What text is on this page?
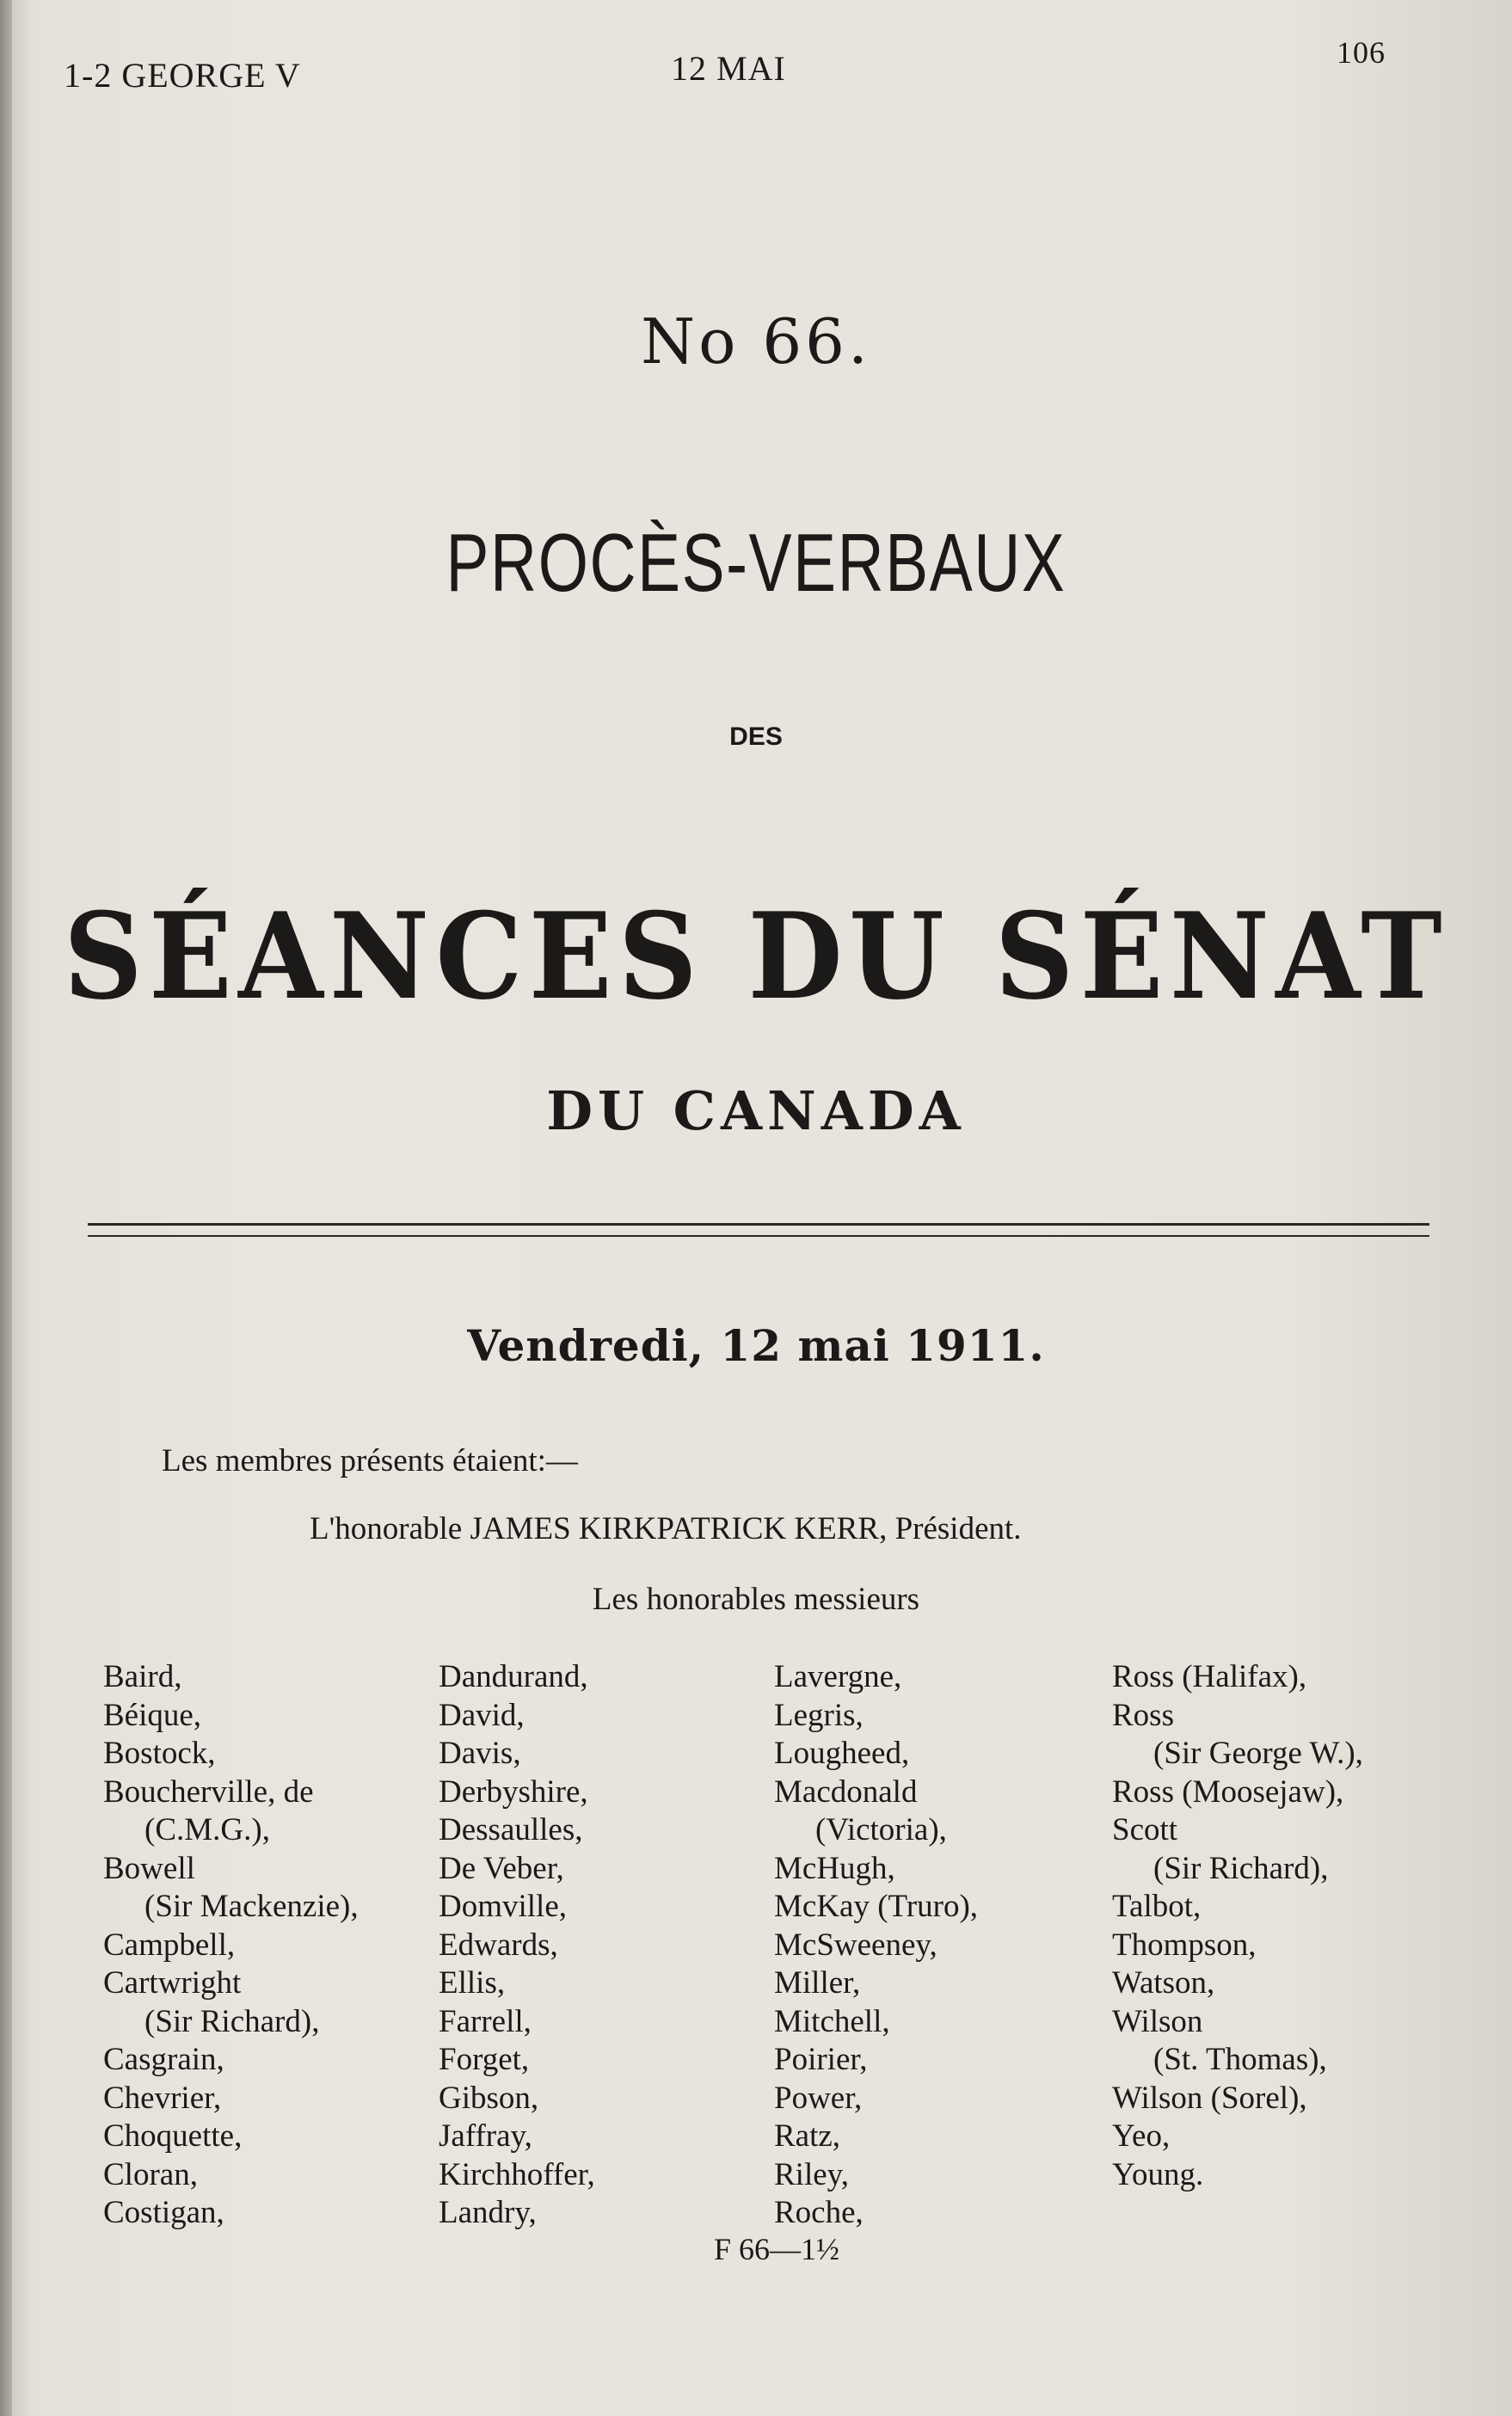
1-2 GEORGE V	12 MAI	106
No 66.
PROCÈS-VERBAUX
DES
SÉANCES DU SÉNAT
DU CANADA
Vendredi, 12 mai 1911.
Les membres présents étaient:—
L'honorable JAMES KIRKPATRICK KERR, Président.
Les honorables messieurs
Baird,
Béique,
Bostock,
Boucherville, de
(C.M.G.),
Bowell
(Sir Mackenzie),
Campbell,
Cartwright
(Sir Richard),
Casgrain,
Chevrier,
Choquette,
Cloran,
Costigan,
Dandurand,
David,
Davis,
Derbyshire,
Dessaulles,
De Veber,
Domville,
Edwards,
Ellis,
Farrell,
Forget,
Gibson,
Jaffray,
Kirchhoffer,
Landry,
Lavergne,
Legris,
Lougheed,
Macdonald
(Victoria),
McHugh,
McKay (Truro),
McSweeney,
Miller,
Mitchell,
Poirier,
Power,
Ratz,
Riley,
Roche,
Ross (Halifax),
Ross
(Sir George W.),
Ross (Moosejaw),
Scott
(Sir Richard),
Talbot,
Thompson,
Watson,
Wilson
(St. Thomas),
Wilson (Sorel),
Yeo,
Young.
F 66—1½
